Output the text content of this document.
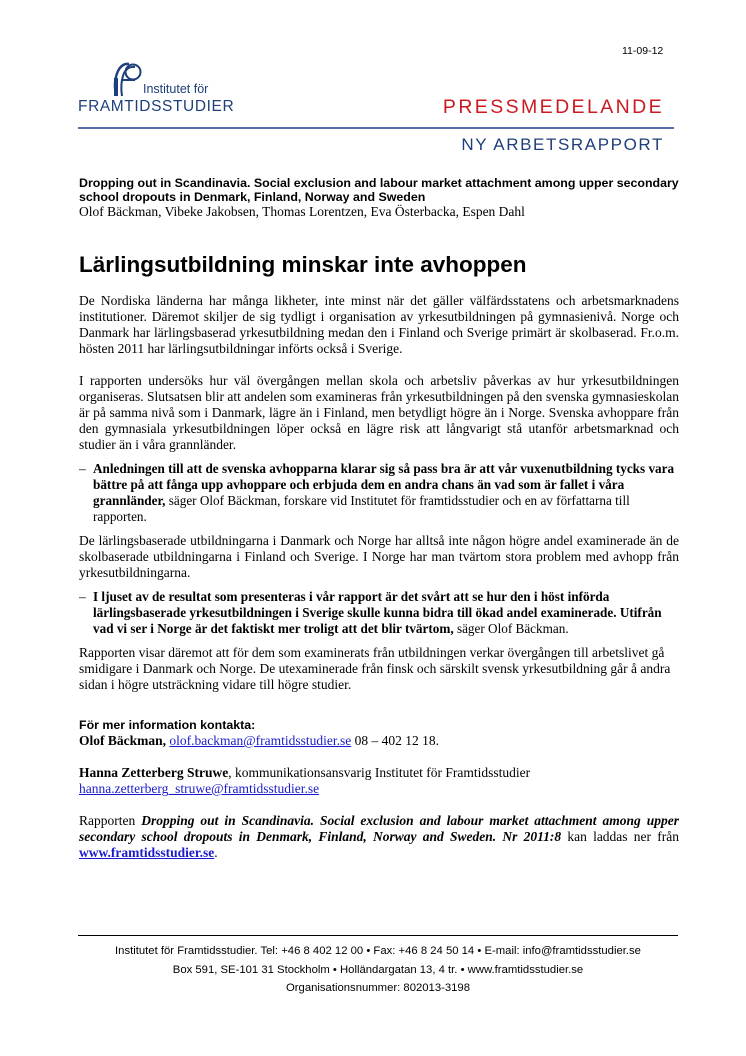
11-09-12
Institutet för
FRAMTIDSSTUDIER	PRESSMEDELANDE
NY ARBETSRAPPORT

Dropping out in Scandinavia. Social exclusion and labour market attachment among upper secondary school dropouts in Denmark, Finland, Norway and Sweden

Olof Bäckman, Vibeke Jakobsen, Thomas Lorentzen, Eva Österbacka, Espen Dahl

Lärlingsutbildning minskar inte avhoppen

De Nordiska länderna har många likheter, inte minst när det gäller välfärdsstatens och arbetsmarknadens institutioner. Däremot skiljer de sig tydligt i organisation av yrkesutbildningen på gymnasienivå. Norge och Danmark har lärlingsbaserad yrkesutbildning medan den i Finland och Sverige primärt är skolbaserad. Fr.o.m. hösten 2011 har lärlingsutbildningar införts också i Sverige.

I rapporten undersöks hur väl övergången mellan skola och arbetsliv påverkas av hur yrkesutbildningen organiseras. Slutsatsen blir att andelen som examineras från yrkesutbildningen på den svenska gymnasieskolan är på samma nivå som i Danmark, lägre än i Finland, men betydligt högre än i Norge. Svenska avhoppare från den gymnasiala yrkesutbildningen löper också en lägre risk att långvarigt stå utanför arbetsmarknad och studier än i våra grannländer.

– Anledningen till att de svenska avhopparna klarar sig så pass bra är att vår vuxenutbildning tycks vara bättre på att fånga upp avhoppare och erbjuda dem en andra chans än vad som är fallet i våra grannländer, säger Olof Bäckman, forskare vid Institutet för framtidsstudier och en av författarna till rapporten.

De lärlingsbaserade utbildningarna i Danmark och Norge har alltså inte någon högre andel examinerade än de skolbaserade utbildningarna i Finland och Sverige. I Norge har man tvärtom stora problem med avhopp från yrkesutbildningarna.

– I ljuset av de resultat som presenteras i vår rapport är det svårt att se hur den i höst införda lärlingsbaserade yrkesutbildningen i Sverige skulle kunna bidra till ökad andel examinerade. Utifrån vad vi ser i Norge är det faktiskt mer troligt att det blir tvärtom, säger Olof Bäckman.

Rapporten visar däremot att för dem som examinerats från utbildningen verkar övergången till arbetslivet gå smidigare i Danmark och Norge. De utexaminerade från finsk och särskilt svensk yrkesutbildning går å andra sidan i högre utsträckning vidare till högre studier.

För mer information kontakta:

Olof Bäckman, olof.backman@framtidsstudier.se 08 – 402 12 18.

Hanna Zetterberg Struwe, kommunikationsansvarig Institutet för Framtidsstudier

hanna.zetterberg_struwe@framtidsstudier.se

Rapporten Dropping out in Scandinavia. Social exclusion and labour market attachment among upper secondary school dropouts in Denmark, Finland, Norway and Sweden. Nr 2011:8 kan laddas ner från www.framtidsstudier.se.

Institutet för Framtidsstudier. Tel: +46 8 402 12 00 • Fax: +46 8 24 50 14 • E-mail: info@framtidsstudier.se
Box 591, SE-101 31 Stockholm • Holländargatan 13, 4 tr. • www.framtidsstudier.se
Organisationsnummer: 802013-3198
